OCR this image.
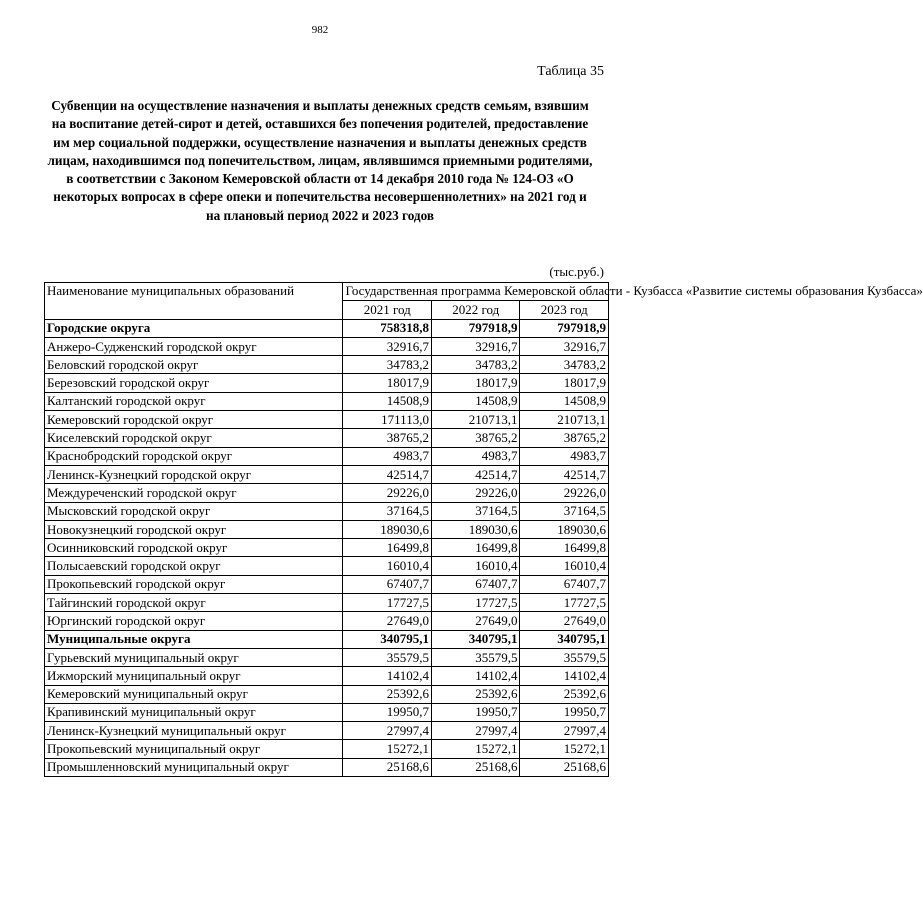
982
Таблица 35
Субвенции на осуществление назначения и выплаты денежных средств семьям, взявшим на воспитание детей-сирот и детей, оставшихся без попечения родителей, предоставление им мер социальной поддержки, осуществление назначения и выплаты денежных средств лицам, находившимся под попечительством, лицам, являвшимся приемными родителями, в соответствии с Законом Кемеровской области от 14 декабря 2010 года № 124-ОЗ «О некоторых вопросах в сфере опеки и попечительства несовершеннолетних» на 2021 год и на плановый период 2022 и 2023 годов
(тыс.руб.)
Наименование муниципальных образований	Государственная программа Кемеровской области - Кузбасса «Развитие системы образования Кузбасса»		
	2021 год	2022 год	2023 год
Городские округа	758318,8	797918,9	797918,9
Анжеро-Судженский городской округ	32916,7	32916,7	32916,7
Беловский городской округ	34783,2	34783,2	34783,2
Березовский городской округ	18017,9	18017,9	18017,9
Калтанский городской округ	14508,9	14508,9	14508,9
Кемеровский городской округ	171113,0	210713,1	210713,1
Киселевский городской округ	38765,2	38765,2	38765,2
Краснобродский городской округ	4983,7	4983,7	4983,7
Ленинск-Кузнецкий городской округ	42514,7	42514,7	42514,7
Междуреченский городской округ	29226,0	29226,0	29226,0
Мысковский городской округ	37164,5	37164,5	37164,5
Новокузнецкий городской округ	189030,6	189030,6	189030,6
Осинниковский городской округ	16499,8	16499,8	16499,8
Полысаевский городской округ	16010,4	16010,4	16010,4
Прокопьевский городской округ	67407,7	67407,7	67407,7
Тайгинский городской округ	17727,5	17727,5	17727,5
Юргинский городской округ	27649,0	27649,0	27649,0
Муниципальные округа	340795,1	340795,1	340795,1
Гурьевский муниципальный округ	35579,5	35579,5	35579,5
Ижморский муниципальный округ	14102,4	14102,4	14102,4
Кемеровский муниципальный округ	25392,6	25392,6	25392,6
Крапивинский муниципальный округ	19950,7	19950,7	19950,7
Ленинск-Кузнецкий муниципальный округ	27997,4	27997,4	27997,4
Прокопьевский муниципальный округ	15272,1	15272,1	15272,1
Промышленновский муниципальный округ	25168,6	25168,6	25168,6
